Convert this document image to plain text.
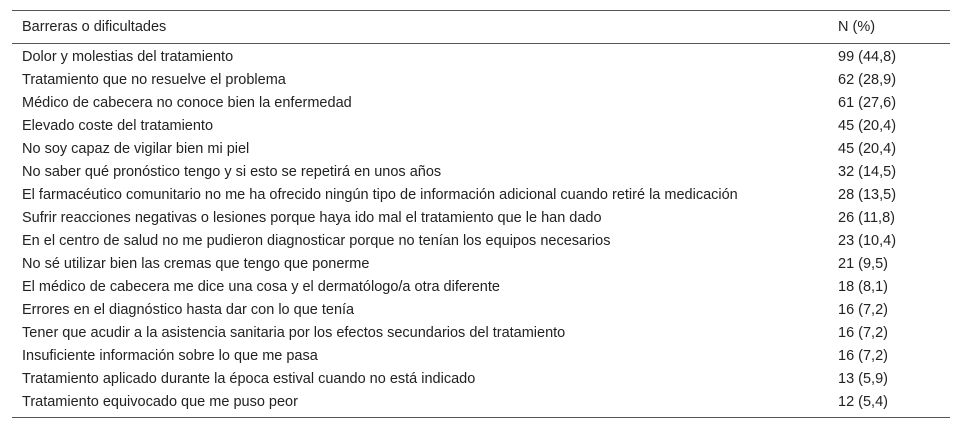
Barreras o dificultades	N (%)
Dolor y molestias del tratamiento	99 (44,8)
Tratamiento que no resuelve el problema	62 (28,9)
Médico de cabecera no conoce bien la enfermedad	61 (27,6)
Elevado coste del tratamiento	45 (20,4)
No soy capaz de vigilar bien mi piel	45 (20,4)
No saber qué pronóstico tengo y si esto se repetirá en unos años	32 (14,5)
El farmacéutico comunitario no me ha ofrecido ningún tipo de información adicional cuando retiré la medicación	28 (13,5)
Sufrir reacciones negativas o lesiones porque haya ido mal el tratamiento que le han dado	26 (11,8)
En el centro de salud no me pudieron diagnosticar porque no tenían los equipos necesarios	23 (10,4)
No sé utilizar bien las cremas que tengo que ponerme	21 (9,5)
El médico de cabecera me dice una cosa y el dermatólogo/a otra diferente	18 (8,1)
Errores en el diagnóstico hasta dar con lo que tenía	16 (7,2)
Tener que acudir a la asistencia sanitaria por los efectos secundarios del tratamiento	16 (7,2)
Insuficiente información sobre lo que me pasa	16 (7,2)
Tratamiento aplicado durante la época estival cuando no está indicado	13 (5,9)
Tratamiento equivocado que me puso peor	12 (5,4)
